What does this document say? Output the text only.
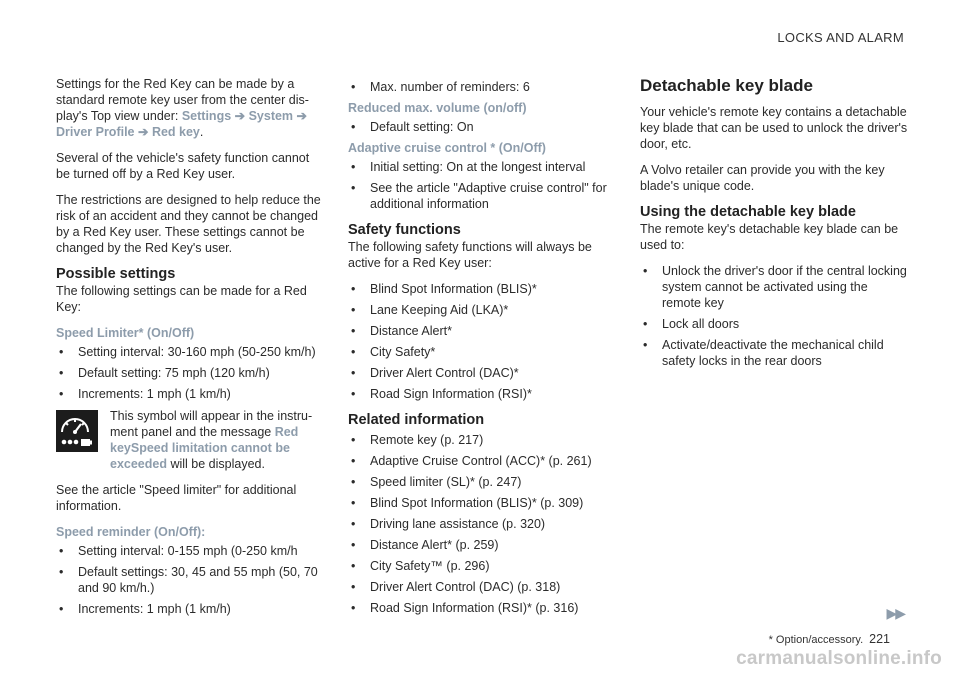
LOCKS AND ALARM

Settings for the Red Key can be made by a standard remote key user from the center dis-play's Top view under: Settings ➔ System ➔ Driver Profile ➔ Red key.

Several of the vehicle's safety function cannot be turned off by a Red Key user.

The restrictions are designed to help reduce the risk of an accident and they cannot be changed by a Red Key user. These settings cannot be changed by the Red Key's user.

Possible settings

The following settings can be made for a Red Key:

Speed Limiter* (On/Off)
• Setting interval: 30-160 mph (50-250 km/h)
• Default setting: 75 mph (120 km/h)
• Increments: 1 mph (1 km/h)
This symbol will appear in the instru-ment panel and the message Red keySpeed limitation cannot be exceeded will be displayed.

See the article "Speed limiter" for additional information.

Speed reminder (On/Off):
• Setting interval: 0-155 mph (0-250 km/h
• Default settings: 30, 45 and 55 mph (50, 70 and 90 km/h.)
• Increments: 1 mph (1 km/h)
• Max. number of reminders: 6
Reduced max. volume (on/off)
• Default setting: On
Adaptive cruise control * (On/Off)
• Initial setting: On at the longest interval
• See the article "Adaptive cruise control" for additional information
Safety functions

The following safety functions will always be active for a Red Key user:

• Blind Spot Information (BLIS)*
• Lane Keeping Aid (LKA)*
• Distance Alert*
• City Safety*
• Driver Alert Control (DAC)*
• Road Sign Information (RSI)*
Related information
• Remote key (p. 217)
• Adaptive Cruise Control (ACC)* (p. 261)
• Speed limiter (SL)* (p. 247)
• Blind Spot Information (BLIS)* (p. 309)
• Driving lane assistance (p. 320)
• Distance Alert* (p. 259)
• City Safety™ (p. 296)
• Driver Alert Control (DAC) (p. 318)
• Road Sign Information (RSI)* (p. 316)
Detachable key blade

Your vehicle's remote key contains a detachable key blade that can be used to unlock the driver's door, etc.

A Volvo retailer can provide you with the key blade's unique code.

Using the detachable key blade

The remote key's detachable key blade can be used to:

• Unlock the driver's door if the central locking system cannot be activated using the remote key
• Lock all doors
• Activate/deactivate the mechanical child safety locks in the rear doors
▶▶
* Option/accessory. 221
carmanualsonline.info
